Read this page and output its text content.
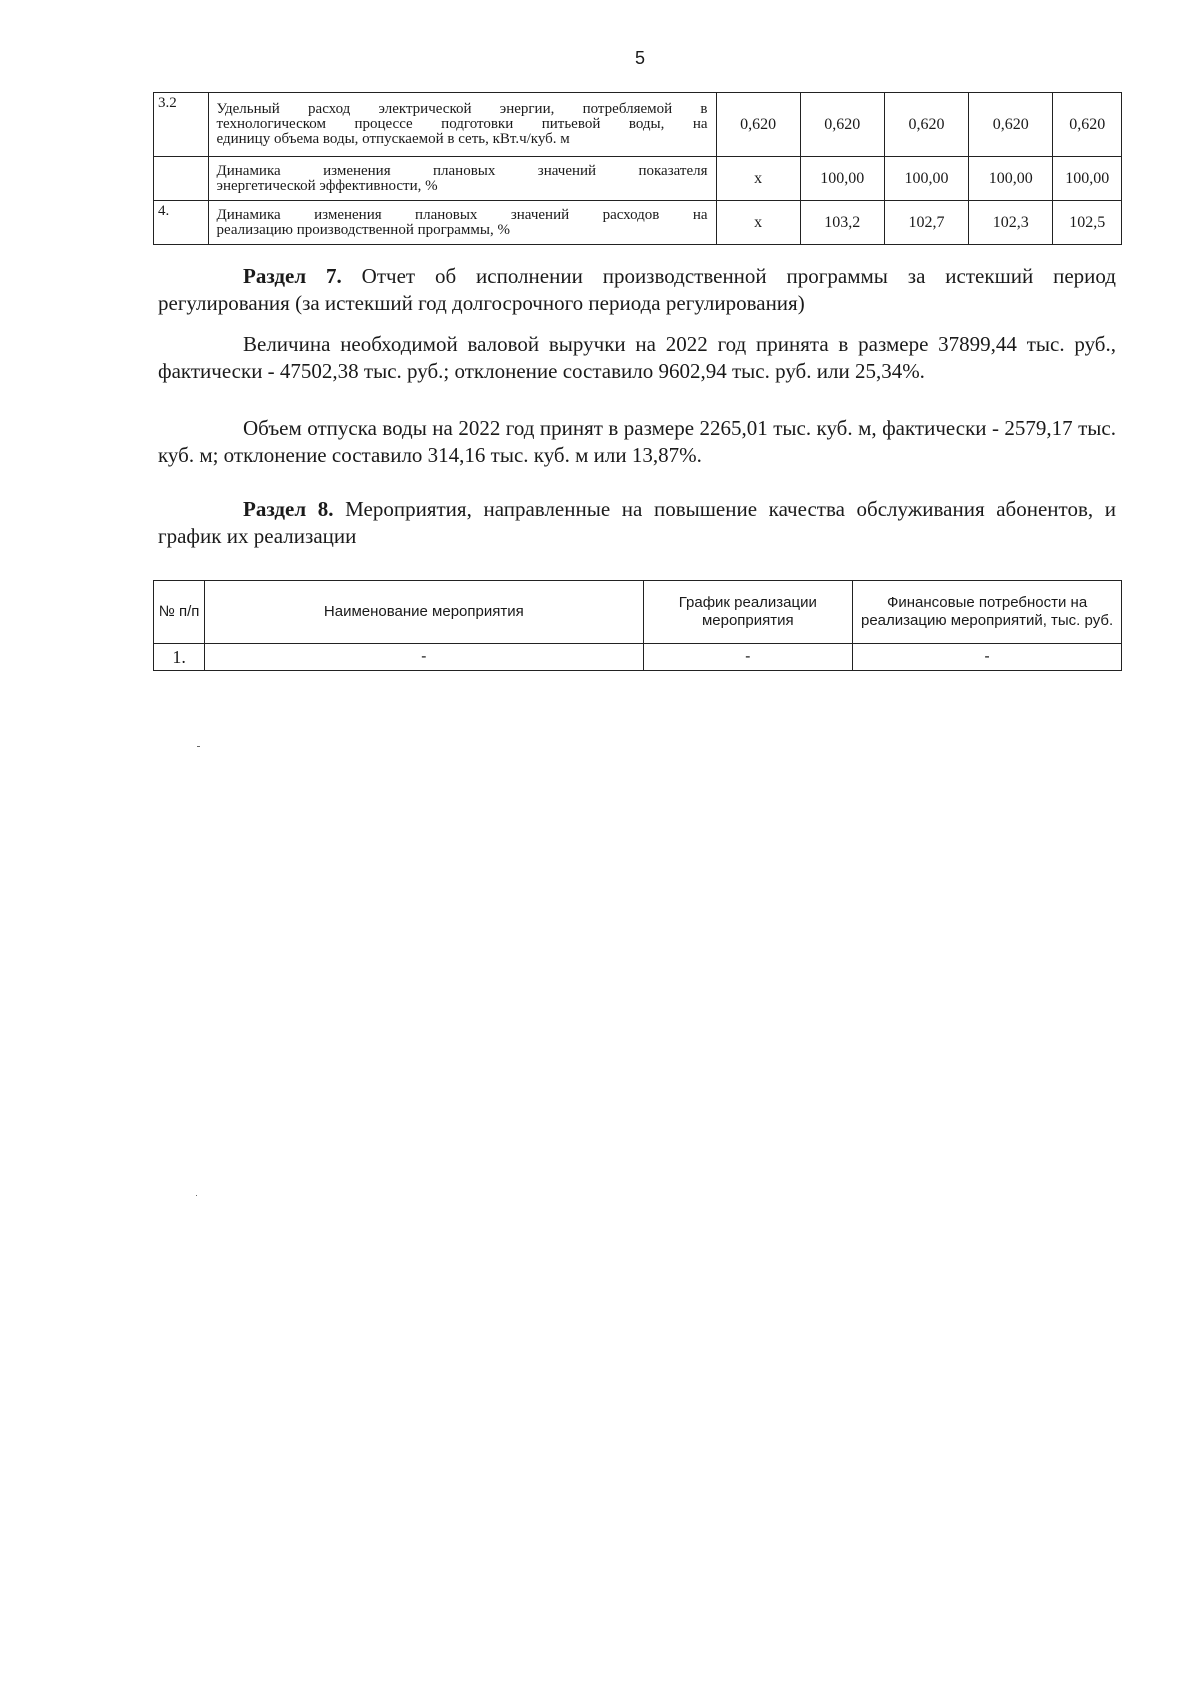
5
3.2	Удельный расход электрической энергии, потребляемой в
технологическом процессе подготовки питьевой воды, на
единицу объема воды, отпускаемой в сеть, кВт.ч/куб. м	0,620	0,620	0,620	0,620	0,620

	Динамика изменения плановых значений показателя
энергетической эффективности, %	х	100,00	100,00	100,00	100,00
4.	Динамика изменения плановых значений расходов на
реализацию производственной программы, %	х	103,2	102,7	102,3	102,5
Раздел 7. Отчет об исполнении производственной программы за истекший период регулирования (за истекший год долгосрочного периода регулирования)
Величина необходимой валовой выручки на 2022 год принята в размере 37899,44 тыс. руб., фактически - 47502,38 тыс. руб.; отклонение составило 9602,94 тыс. руб. или 25,34%.
Объем отпуска воды на 2022 год принят в размере 2265,01 тыс. куб. м, фактически - 2579,17 тыс. куб. м; отклонение составило 314,16 тыс. куб. м или 13,87%.
Раздел 8. Мероприятия, направленные на повышение качества обслуживания абонентов, и график их реализации
№ п/п	Наименование мероприятия	График реализации мероприятия	Финансовые потребности на реализацию мероприятий, тыс. руб.
1.	-	-	-
